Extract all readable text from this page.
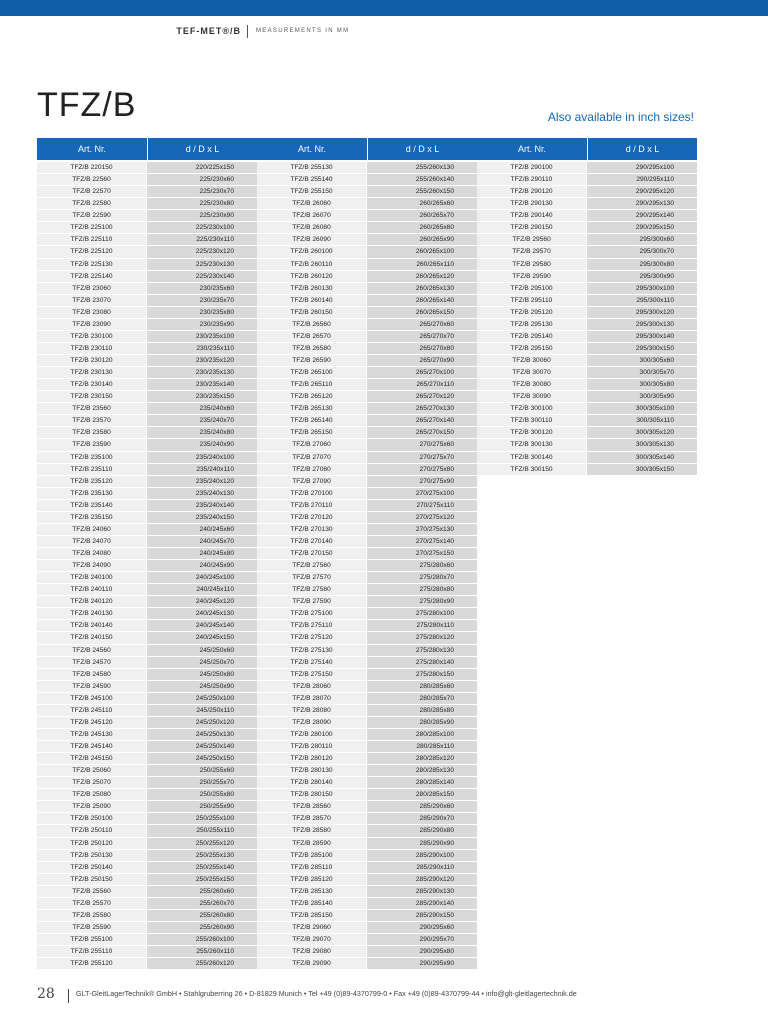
TEF-MET®/B	MEASUREMENTS IN MM
TFZ/B	Also available in inch sizes!
Art. Nr.	d / D x L
TFZ/B 220150	220/225x150
TFZ/B 22560	225/230x60
TFZ/B 22570	225/230x70
TFZ/B 22580	225/230x80
TFZ/B 22590	225/230x90
TFZ/B 225100	225/230x100
TFZ/B 225110	225/230x110
TFZ/B 225120	225/230x120
TFZ/B 225130	225/230x130
TFZ/B 225140	225/230x140
TFZ/B 23060	230/235x60
TFZ/B 23070	230/235x70
TFZ/B 23080	230/235x80
TFZ/B 23090	230/235x90
TFZ/B 230100	230/235x100
TFZ/B 230110	230/235x110
TFZ/B 230120	230/235x120
TFZ/B 230130	230/235x130
TFZ/B 230140	230/235x140
TFZ/B 230150	230/235x150
TFZ/B 23560	235/240x60
TFZ/B 23570	235/240x70
TFZ/B 23580	235/240x80
TFZ/B 23590	235/240x90
TFZ/B 235100	235/240x100
TFZ/B 235110	235/240x110
TFZ/B 235120	235/240x120
TFZ/B 235130	235/240x130
TFZ/B 235140	235/240x140
TFZ/B 235150	235/240x150
TFZ/B 24060	240/245x60
TFZ/B 24070	240/245x70
TFZ/B 24080	240/245x80
TFZ/B 24090	240/245x90
TFZ/B 240100	240/245x100
TFZ/B 240110	240/245x110
TFZ/B 240120	240/245x120
TFZ/B 240130	240/245x130
TFZ/B 240140	240/245x140
TFZ/B 240150	240/245x150
TFZ/B 24560	245/250x60
TFZ/B 24570	245/250x70
TFZ/B 24580	245/250x80
TFZ/B 24590	245/250x90
TFZ/B 245100	245/250x100
TFZ/B 245110	245/250x110
TFZ/B 245120	245/250x120
TFZ/B 245130	245/250x130
TFZ/B 245140	245/250x140
TFZ/B 245150	245/250x150
TFZ/B 25060	250/255x60
TFZ/B 25070	250/255x70
TFZ/B 25080	250/255x80
TFZ/B 25090	250/255x90
TFZ/B 250100	250/255x100
TFZ/B 250110	250/255x110
TFZ/B 250120	250/255x120
TFZ/B 250130	250/255x130
TFZ/B 250140	250/255x140
TFZ/B 250150	250/255x150
TFZ/B 25560	255/260x60
TFZ/B 25570	255/260x70
TFZ/B 25580	255/260x80
TFZ/B 25590	255/260x90
TFZ/B 255100	255/260x100
TFZ/B 255110	255/260x110
TFZ/B 255120	255/260x120
Art. Nr.	d / D x L
TFZ/B 255130	255/260x130
TFZ/B 255140	255/260x140
TFZ/B 255150	255/260x150
TFZ/B 26060	260/265x60
TFZ/B 26070	260/265x70
TFZ/B 26080	260/265x80
TFZ/B 26090	260/265x90
TFZ/B 260100	260/265x100
TFZ/B 260110	260/265x110
TFZ/B 260120	260/265x120
TFZ/B 260130	260/265x130
TFZ/B 260140	260/265x140
TFZ/B 260150	260/265x150
TFZ/B 26560	265/270x60
TFZ/B 26570	265/270x70
TFZ/B 26580	265/270x80
TFZ/B 26590	265/270x90
TFZ/B 265100	265/270x100
TFZ/B 265110	265/270x110
TFZ/B 265120	265/270x120
TFZ/B 265130	265/270x130
TFZ/B 265140	265/270x140
TFZ/B 265150	265/270x150
TFZ/B 27060	270/275x60
TFZ/B 27070	270/275x70
TFZ/B 27080	270/275x80
TFZ/B 27090	270/275x90
TFZ/B 270100	270/275x100
TFZ/B 270110	270/275x110
TFZ/B 270120	270/275x120
TFZ/B 270130	270/275x130
TFZ/B 270140	270/275x140
TFZ/B 270150	270/275x150
TFZ/B 27560	275/280x60
TFZ/B 27570	275/280x70
TFZ/B 27580	275/280x80
TFZ/B 27590	275/280x90
TFZ/B 275100	275/280x100
TFZ/B 275110	275/280x110
TFZ/B 275120	275/280x120
TFZ/B 275130	275/280x130
TFZ/B 275140	275/280x140
TFZ/B 275150	275/280x150
TFZ/B 28060	280/285x60
TFZ/B 28070	280/285x70
TFZ/B 28080	280/285x80
TFZ/B 28090	280/285x90
TFZ/B 280100	280/285x100
TFZ/B 280110	280/285x110
TFZ/B 280120	280/285x120
TFZ/B 280130	280/285x130
TFZ/B 280140	280/285x140
TFZ/B 280150	280/285x150
TFZ/B 28560	285/290x60
TFZ/B 28570	285/290x70
TFZ/B 28580	285/290x80
TFZ/B 28590	285/290x90
TFZ/B 285100	285/290x100
TFZ/B 285110	285/290x110
TFZ/B 285120	285/290x120
TFZ/B 285130	285/290x130
TFZ/B 285140	285/290x140
TFZ/B 285150	285/290x150
TFZ/B 29060	290/295x60
TFZ/B 29070	290/295x70
TFZ/B 29080	290/295x80
TFZ/B 29090	290/295x90
Art. Nr.	d / D x L
TFZ/B 290100	290/295x100
TFZ/B 290110	290/295x110
TFZ/B 290120	290/295x120
TFZ/B 290130	290/295x130
TFZ/B 290140	290/295x140
TFZ/B 290150	290/295x150
TFZ/B 29560	295/300x60
TFZ/B 29570	295/300x70
TFZ/B 29580	295/300x80
TFZ/B 29590	295/300x90
TFZ/B 295100	295/300x100
TFZ/B 295110	295/300x110
TFZ/B 295120	295/300x120
TFZ/B 295130	295/300x130
TFZ/B 295140	295/300x140
TFZ/B 295150	295/300x150
TFZ/B 30060	300/305x60
TFZ/B 30070	300/305x70
TFZ/B 30080	300/305x80
TFZ/B 30090	300/305x90
TFZ/B 300100	300/305x100
TFZ/B 300110	300/305x110
TFZ/B 300120	300/305x120
TFZ/B 300130	300/305x130
TFZ/B 300140	300/305x140
TFZ/B 300150	300/305x150
28	GLT-GleitLagerTechnik® GmbH • Stahlgruberring 26 • D-81829 Munich • Tel +49 (0)89-4370799-0 • Fax +49 (0)89-4370799-44 • info@glt-gleitlagertechnik.de
